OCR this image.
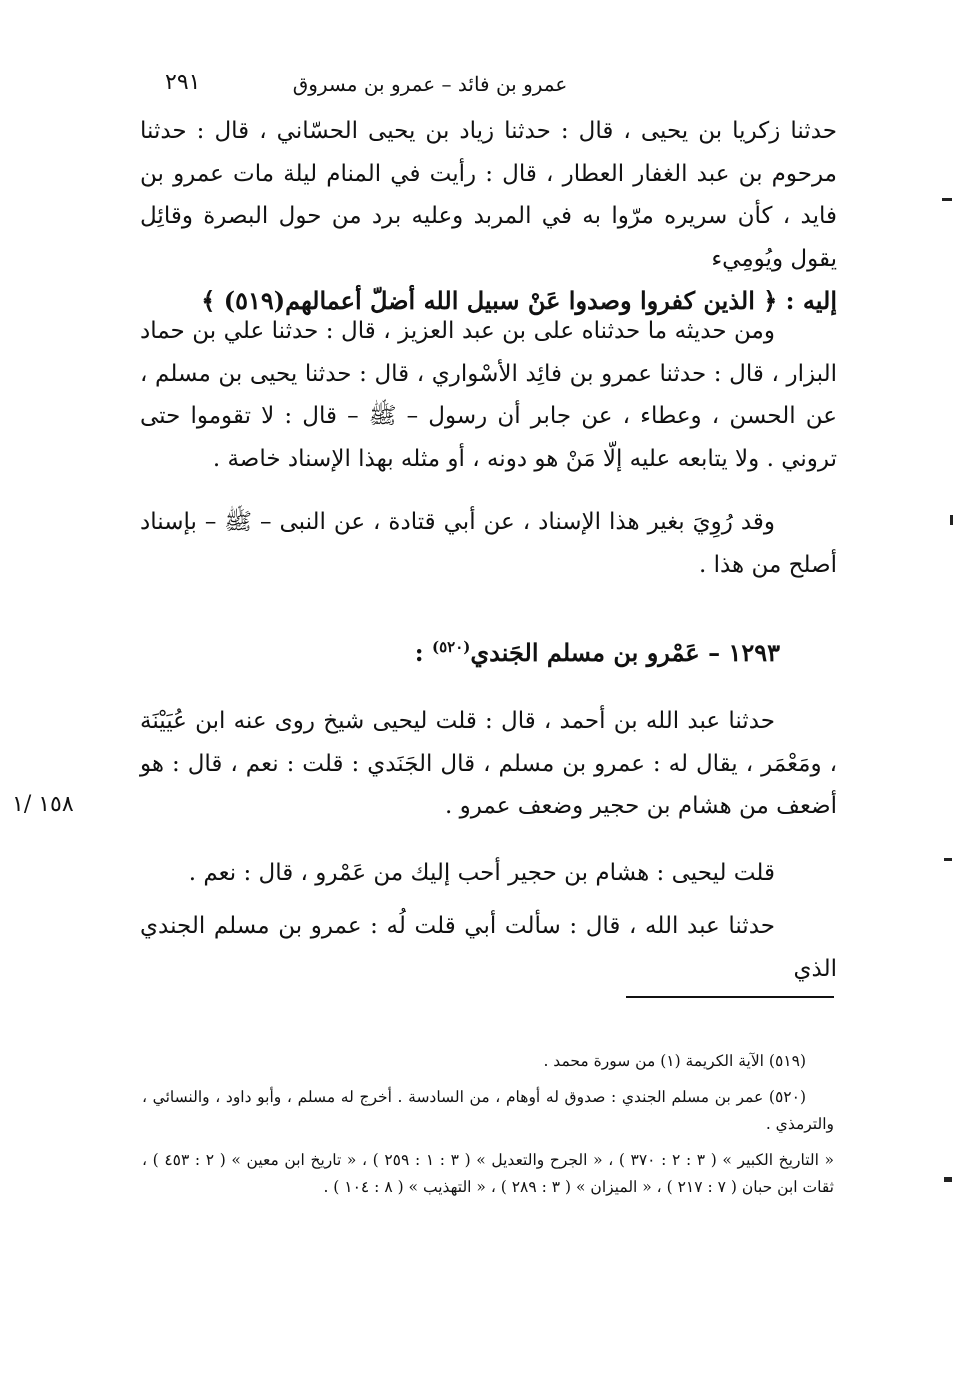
٢٩١	عمرو بن فائد – عمرو بن مسروق

حدثنا زكريا بن يحيى ، قال : حدثنا زياد بن يحيى الحسّاني ، قال : حدثنا مرحوم بن عبد الغفار العطار ، قال : رأيت في المنام ليلة مات عمرو بن فايد ، كأن سريره مرّوا به في المربد وعليه برد من حول البصرة وقائِل يقول ويُومِيء

إليه : ﴿ الذين كفروا وصدوا عَنْ سبيل الله أضلّ أعمالهم(٥١٩) ﴾

ومن حديثه ما حدثناه على بن عبد العزيز ، قال : حدثنا علي بن حماد البزار ، قال : حدثنا عمرو بن فائِد الأسْواري ، قال : حدثنا يحيى بن مسلم ، عن الحسن ، وعطاء ، عن جابر أن رسول – ﷺ – قال : لا تقوموا حتى تروني . ولا يتابعه عليه إلّا مَنْ هو دونه ، أو مثله بهذا الإسناد خاصة .

وقد رُوِيَ بغير هذا الإسناد ، عن أبي قتادة ، عن النبى – ﷺ – بإسناد أصلح من هذا .

١٢٩٣ – عَمْرو بن مسلم الجَندي$^{(٥٢٠)}$ :

حدثنا عبد الله بن أحمد ، قال : قلت ليحيى شيخ روى عنه ابن عُيَيْنَة ، ومَعْمَر ، يقال له : عمرو بن مسلم ، قال الجَنَدي : قلت : نعم ، قال : هو أضعف من هشام بن حجير وضعف عمرو .

قلت ليحيى : هشام بن حجير أحب إليك من عَمْرو ، قال : نعم .

حدثنا عبد الله ، قال : سألت أبي قلت لُه : عمرو بن مسلم الجندي الذي

١٥٨ /١

(٥١٩) الآية الكريمة (١) من سورة محمد .

(٥٢٠) عمر بن مسلم الجندي : صدوق له أوهام ، من السادسة . أخرج له مسلم ، وأبو داود ، والنسائي ، والترمذي .

« التاريخ الكبير » ( ٣ : ٢ : ٣٧٠ ) ، « الجرح والتعديل » ( ٣ : ١ : ٢٥٩ ) ، « تاريخ ابن معين » ( ٢ : ٤٥٣ ) ، ثقات ابن حبان ( ٧ : ٢١٧ ) ، « الميزان » ( ٣ : ٢٨٩ ) ، « التهذيب » ( ٨ : ١٠٤ ) .
